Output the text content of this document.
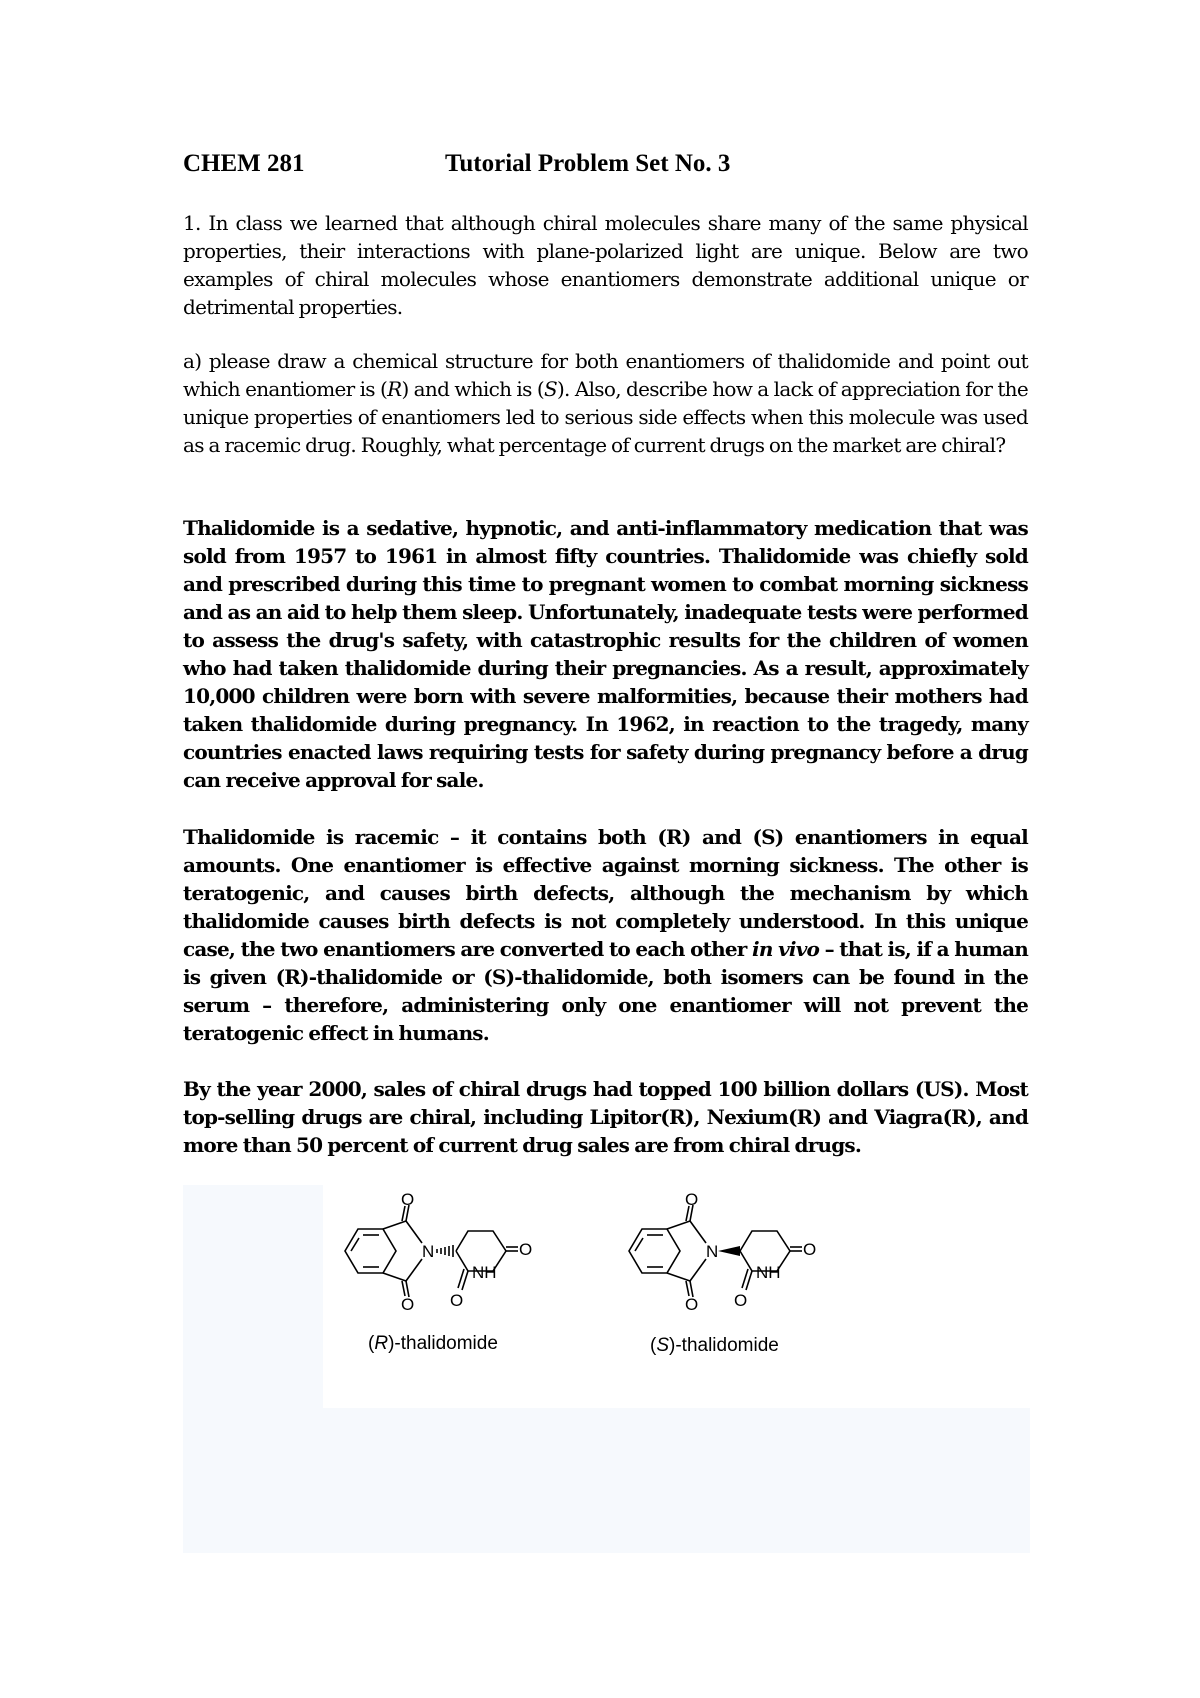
CHEM 281	Tutorial Problem Set No. 3

1. In class we learned that although chiral molecules share many of the same physical properties, their interactions with plane-polarized light are unique. Below are two examples of chiral molecules whose enantiomers demonstrate additional unique or detrimental properties.

a) please draw a chemical structure for both enantiomers of thalidomide and point out which enantiomer is (R) and which is (S). Also, describe how a lack of appreciation for the unique properties of enantiomers led to serious side effects when this molecule was used as a racemic drug. Roughly, what percentage of current drugs on the market are chiral?

Thalidomide is a sedative, hypnotic, and anti-inflammatory medication that was sold from 1957 to 1961 in almost fifty countries. Thalidomide was chiefly sold and prescribed during this time to pregnant women to combat morning sickness and as an aid to help them sleep. Unfortunately, inadequate tests were performed to assess the drug's safety, with catastrophic results for the children of women who had taken thalidomide during their pregnancies. As a result, approximately 10,000 children were born with severe malformities, because their mothers had taken thalidomide during pregnancy. In 1962, in reaction to the tragedy, many countries enacted laws requiring tests for safety during pregnancy before a drug can receive approval for sale.

Thalidomide is racemic – it contains both (R) and (S) enantiomers in equal amounts. One enantiomer is effective against morning sickness. The other is teratogenic, and causes birth defects, although the mechanism by which thalidomide causes birth defects is not completely understood. In this unique case, the two enantiomers are converted to each other in vivo – that is, if a human is given (R)-thalidomide or (S)-thalidomide, both isomers can be found in the serum – therefore, administering only one enantiomer will not prevent the teratogenic effect in humans.

By the year 2000, sales of chiral drugs had topped 100 billion dollars (US). Most top-selling drugs are chiral, including Lipitor(R), Nexium(R) and Viagra(R), and more than 50 percent of current drug sales are from chiral drugs.

O
O
N	O
NH
O
O
O
N	O
NH
O
(R)-thalidomide	(S)-thalidomide
